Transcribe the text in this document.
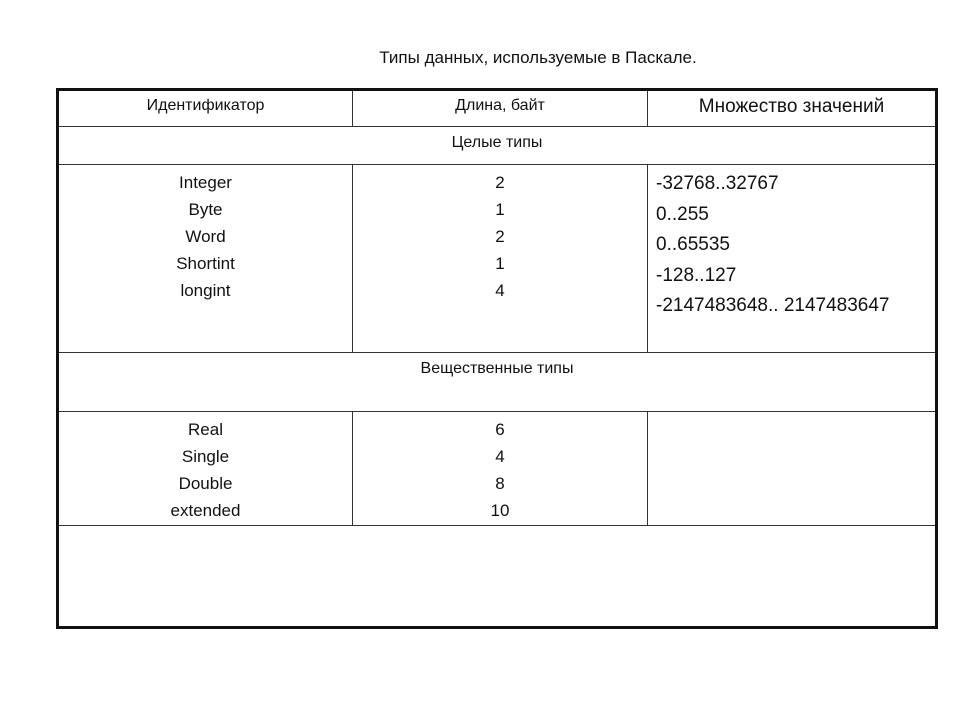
Типы данных, используемые в Паскале.
Идентификатор	Длина, байт	Множество значений
Целые типы
Integer
Byte
Word
Shortint
longint
2
1
2
1
4
-32768..32767
0..255
0..65535
-128..127
-2147483648.. 2147483647
Вещественные типы
Real
Single
Double
extended
6
4
8
10
